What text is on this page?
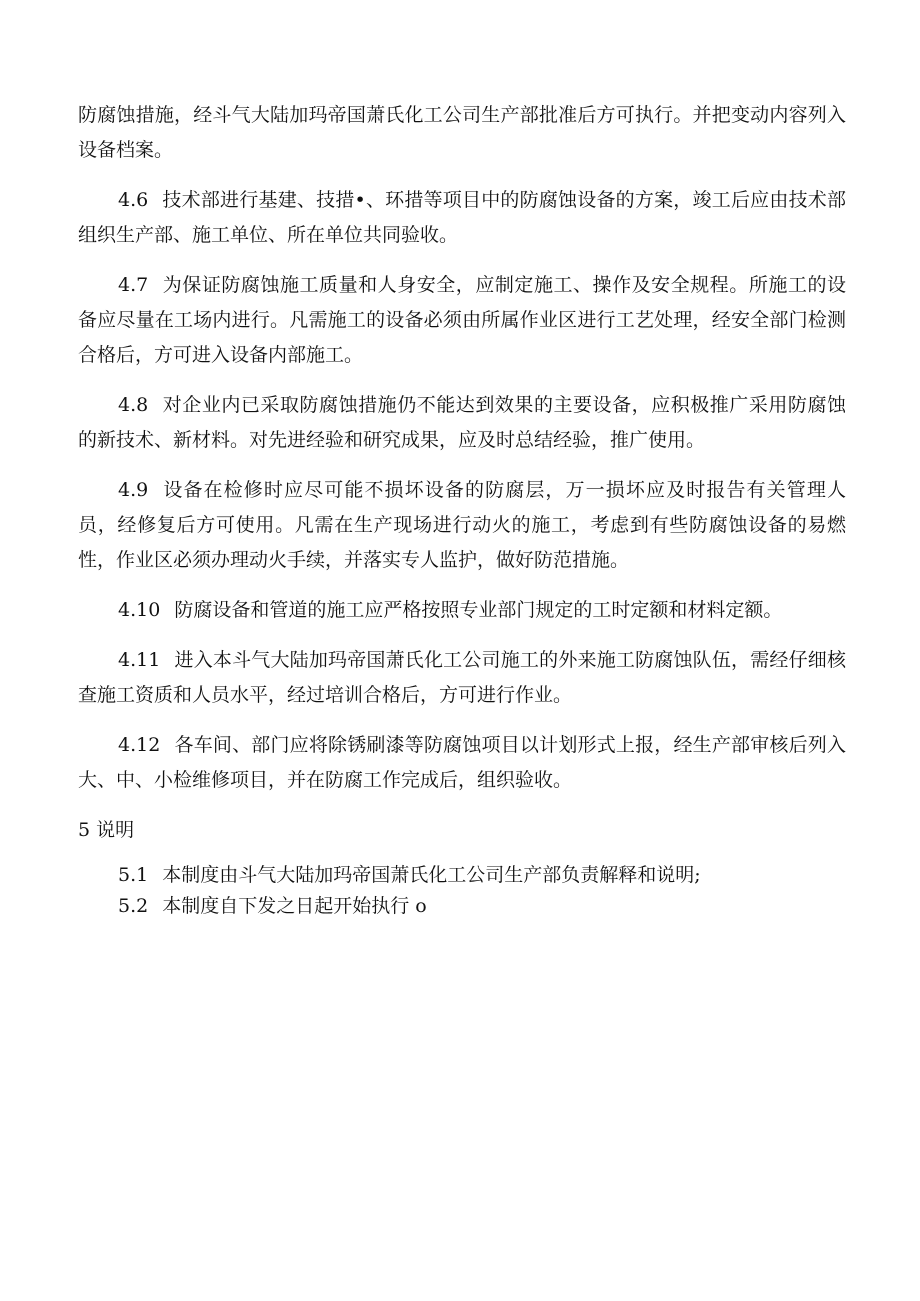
防腐蚀措施，经斗气大陆加玛帝国萧氏化工公司生产部批准后方可执行。并把变动内容列入设备档案。

4.6 技术部进行基建、技措•、环措等项目中的防腐蚀设备的方案，竣工后应由技术部组织生产部、施工单位、所在单位共同验收。

4.7 为保证防腐蚀施工质量和人身安全，应制定施工、操作及安全规程。所施工的设备应尽量在工场内进行。凡需施工的设备必须由所属作业区进行工艺处理，经安全部门检测合格后，方可进入设备内部施工。

4.8 对企业内已采取防腐蚀措施仍不能达到效果的主要设备，应积极推广采用防腐蚀的新技术、新材料。对先进经验和研究成果，应及时总结经验，推广使用。

4.9 设备在检修时应尽可能不损坏设备的防腐层，万一损坏应及时报告有关管理人员，经修复后方可使用。凡需在生产现场进行动火的施工，考虑到有些防腐蚀设备的易燃性，作业区必须办理动火手续，并落实专人监护，做好防范措施。

4.10 防腐设备和管道的施工应严格按照专业部门规定的工时定额和材料定额。

4.11 进入本斗气大陆加玛帝国萧氏化工公司施工的外来施工防腐蚀队伍，需经仔细核查施工资质和人员水平，经过培训合格后，方可进行作业。

4.12 各车间、部门应将除锈刷漆等防腐蚀项目以计划形式上报，经生产部审核后列入大、中、小检维修项目，并在防腐工作完成后，组织验收。

5 说明

5.1 本制度由斗气大陆加玛帝国萧氏化工公司生产部负责解释和说明;

5.2 本制度自下发之日起开始执行 o
